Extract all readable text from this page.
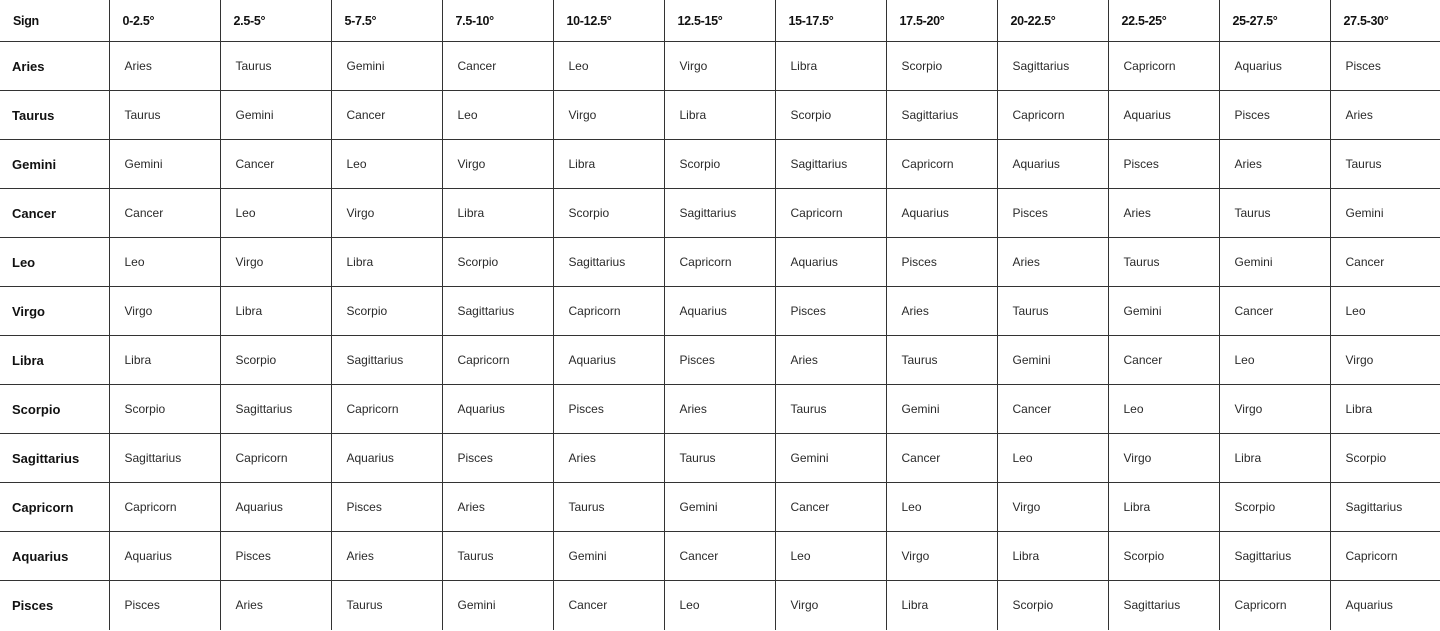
Sign	0-2.5°	2.5-5°	5-7.5°	7.5-10°	10-12.5°	12.5-15°	15-17.5°	17.5-20°	20-22.5°	22.5-25°	25-27.5°	27.5-30°
Aries	Aries	Taurus	Gemini	Cancer	Leo	Virgo	Libra	Scorpio	Sagittarius	Capricorn	Aquarius	Pisces
Taurus	Taurus	Gemini	Cancer	Leo	Virgo	Libra	Scorpio	Sagittarius	Capricorn	Aquarius	Pisces	Aries
Gemini	Gemini	Cancer	Leo	Virgo	Libra	Scorpio	Sagittarius	Capricorn	Aquarius	Pisces	Aries	Taurus
Cancer	Cancer	Leo	Virgo	Libra	Scorpio	Sagittarius	Capricorn	Aquarius	Pisces	Aries	Taurus	Gemini
Leo	Leo	Virgo	Libra	Scorpio	Sagittarius	Capricorn	Aquarius	Pisces	Aries	Taurus	Gemini	Cancer
Virgo	Virgo	Libra	Scorpio	Sagittarius	Capricorn	Aquarius	Pisces	Aries	Taurus	Gemini	Cancer	Leo
Libra	Libra	Scorpio	Sagittarius	Capricorn	Aquarius	Pisces	Aries	Taurus	Gemini	Cancer	Leo	Virgo
Scorpio	Scorpio	Sagittarius	Capricorn	Aquarius	Pisces	Aries	Taurus	Gemini	Cancer	Leo	Virgo	Libra
Sagittarius	Sagittarius	Capricorn	Aquarius	Pisces	Aries	Taurus	Gemini	Cancer	Leo	Virgo	Libra	Scorpio
Capricorn	Capricorn	Aquarius	Pisces	Aries	Taurus	Gemini	Cancer	Leo	Virgo	Libra	Scorpio	Sagittarius
Aquarius	Aquarius	Pisces	Aries	Taurus	Gemini	Cancer	Leo	Virgo	Libra	Scorpio	Sagittarius	Capricorn
Pisces	Pisces	Aries	Taurus	Gemini	Cancer	Leo	Virgo	Libra	Scorpio	Sagittarius	Capricorn	Aquarius
